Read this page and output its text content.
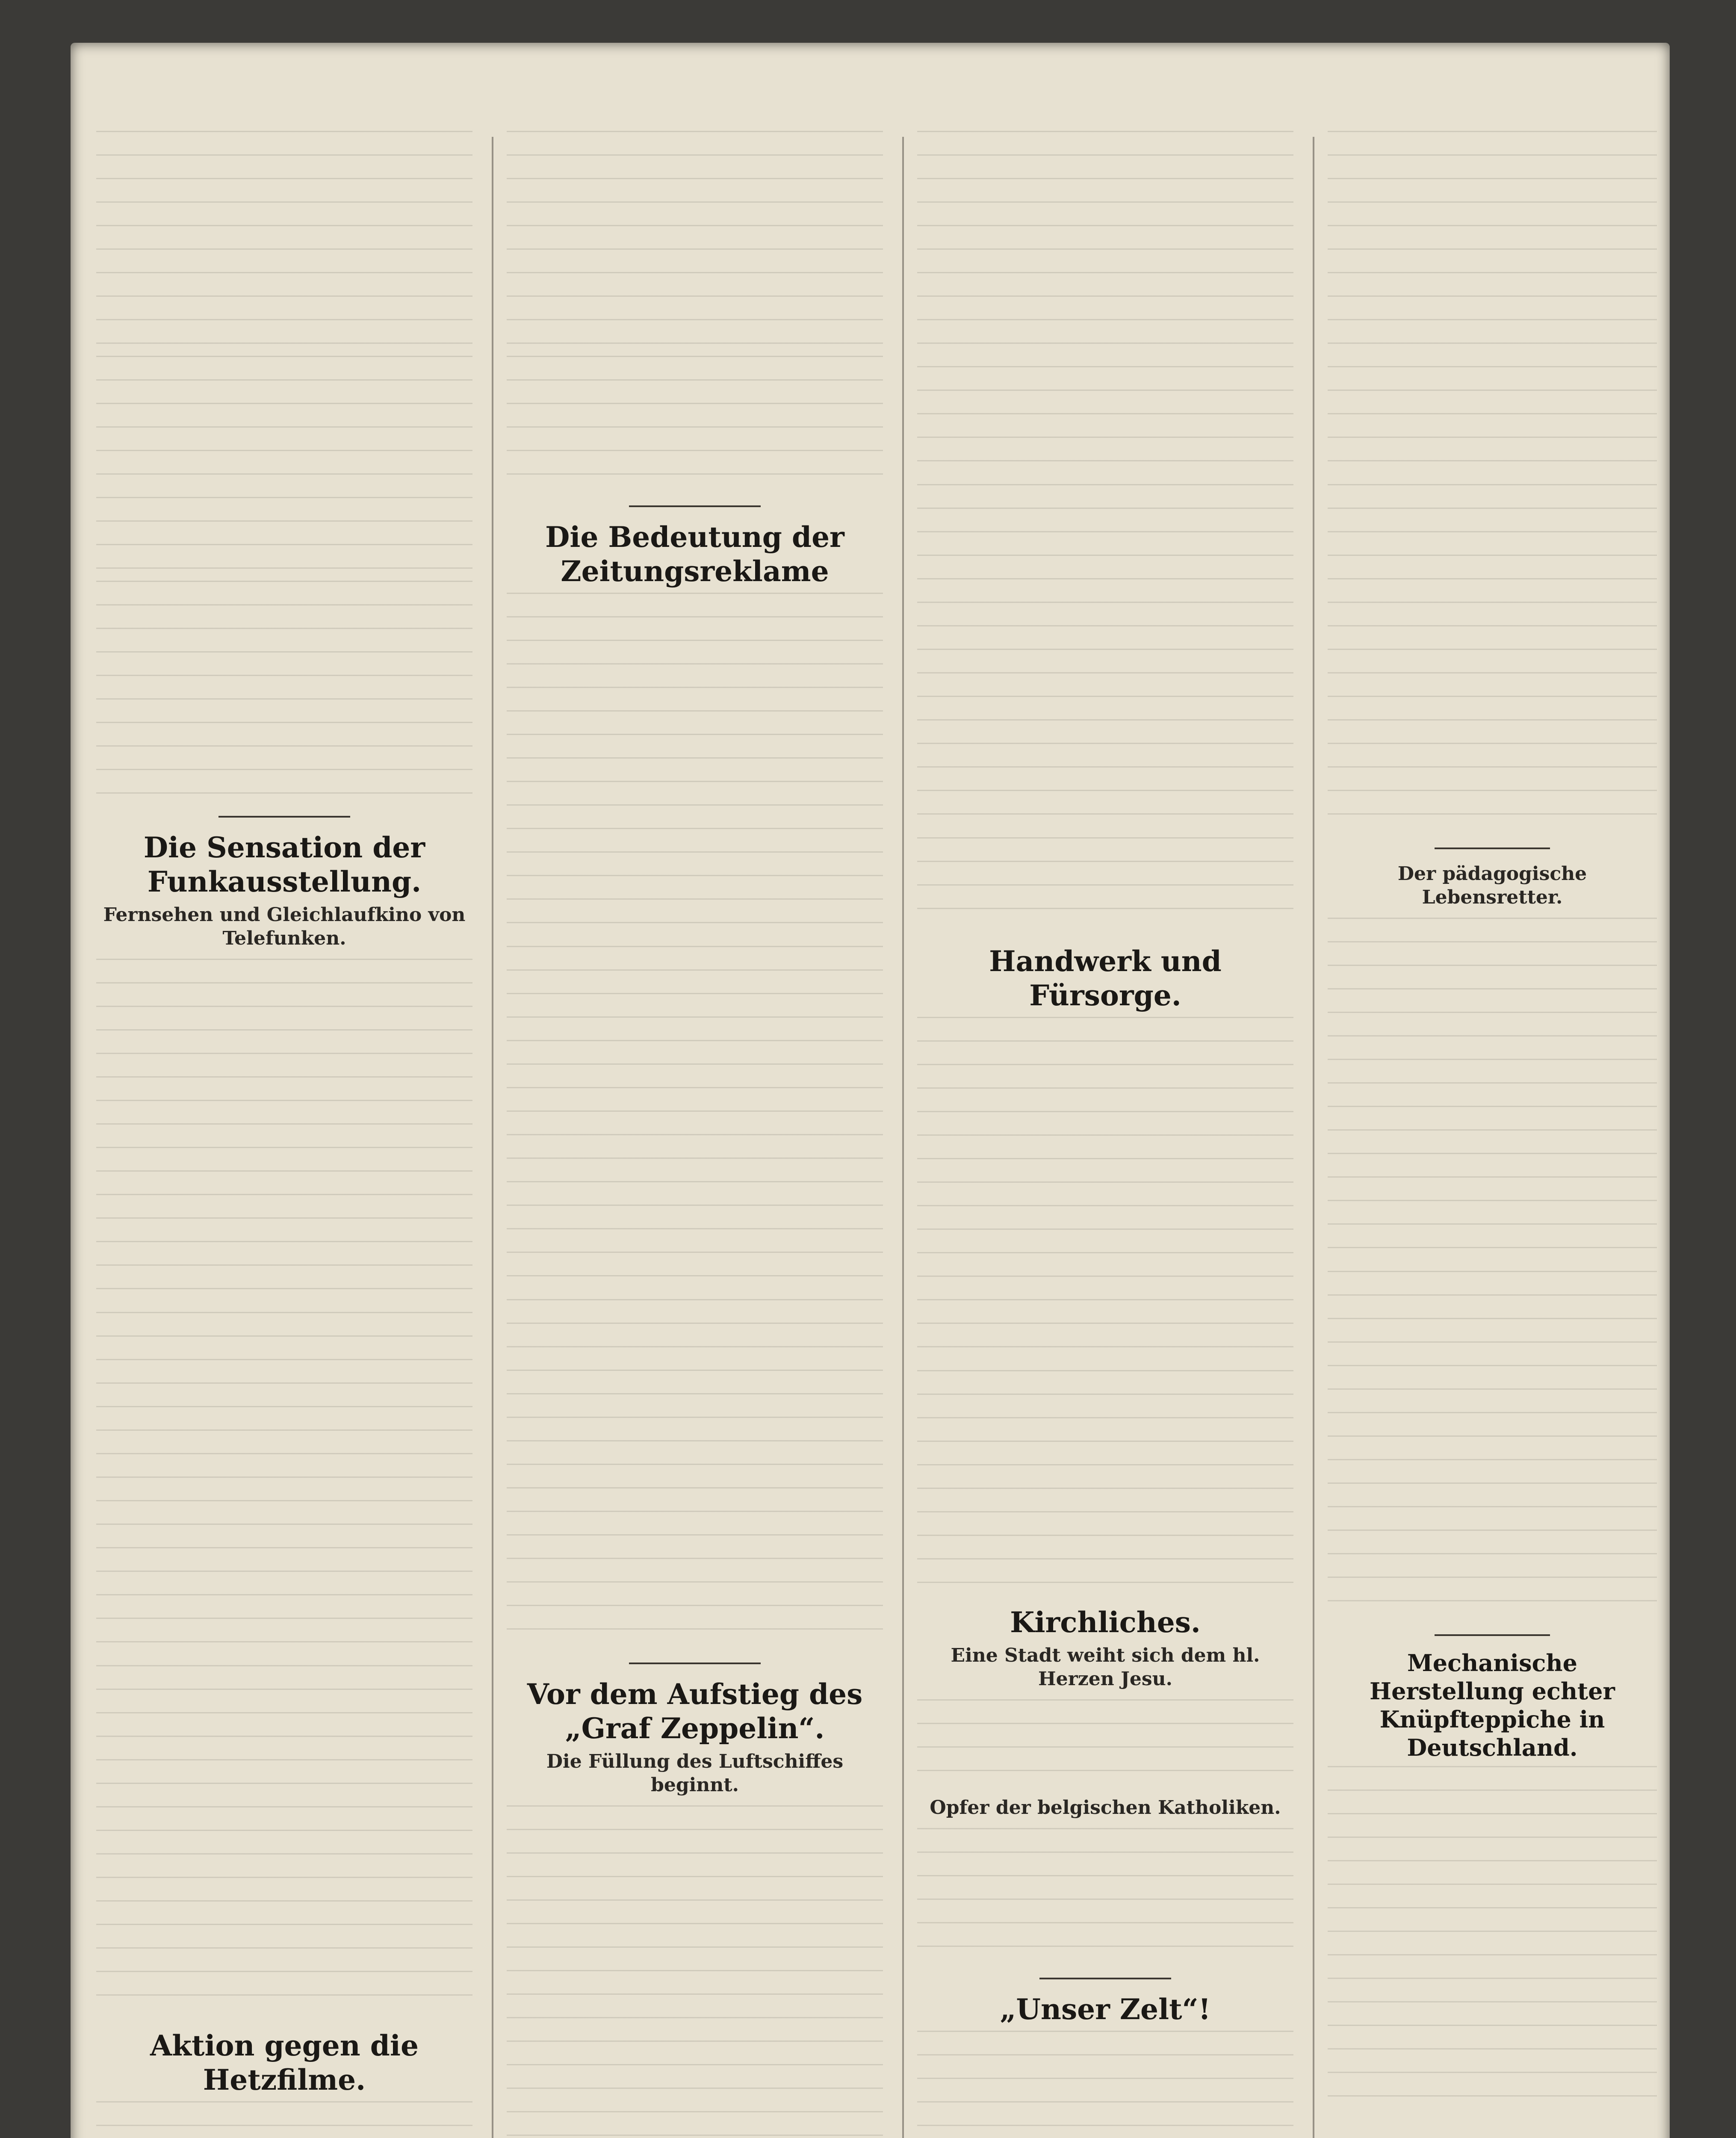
Die Sensation der Funkausstellung.
Fernsehen und Gleichlaufkino von Telefunken.
Aktion gegen die Hetzfilme.
Die Bedeutung der Zeitungsreklame
Vor dem Aufstieg des „Graf Zeppelin“.
Die Füllung des Luftschiffes beginnt.
Handwerk und Fürsorge.
Kirchliches.
Eine Stadt weiht sich dem hl. Herzen Jesu.
Opfer der belgischen Katholiken.
„Unser Zelt“!
Der pädagogische Lebensretter.
Mechanische Herstellung echter Knüpfteppiche in Deutschland.
